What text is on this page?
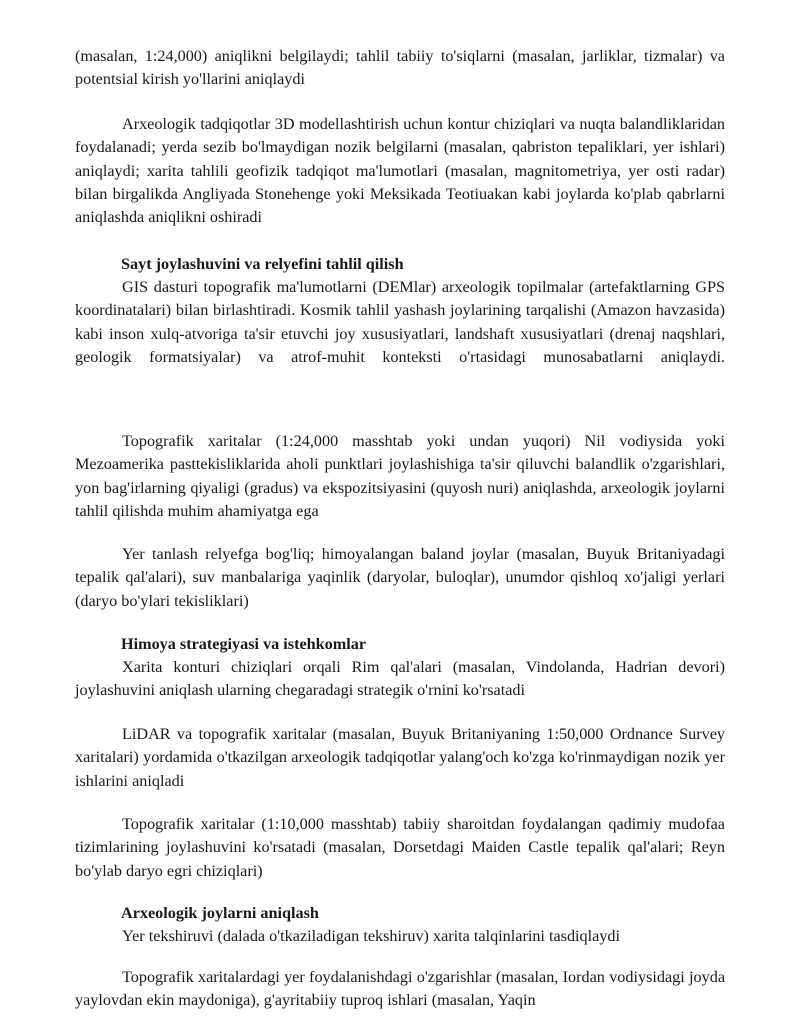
(masalan, 1:24,000) aniqlikni belgilaydi; tahlil tabiiy to'siqlarni (masalan, jarliklar, tizmalar) va potentsial kirish yo'llarini aniqlaydi

Arxeologik tadqiqotlar 3D modellashtirish uchun kontur chiziqlari va nuqta balandliklaridan foydalanadi; yerda sezib bo'lmaydigan nozik belgilarni (masalan, qabriston tepaliklari, yer ishlari) aniqlaydi; xarita tahlili geofizik tadqiqot ma'lumotlari (masalan, magnitometriya, yer osti radar) bilan birgalikda Angliyada Stonehenge yoki Meksikada Teotiuakan kabi joylarda ko'plab qabrlarni aniqlashda aniqlikni oshiradi

Sayt joylashuvini va relyefini tahlil qilish

GIS dasturi topografik ma'lumotlarni (DEMlar) arxeologik topilmalar (artefaktlarning GPS koordinatalari) bilan birlashtiradi. Kosmik tahlil yashash joylarining tarqalishi (Amazon havzasida) kabi inson xulq-atvoriga ta'sir etuvchi joy xususiyatlari, landshaft xususiyatlari (drenaj naqshlari, geologik formatsiyalar) va atrof-muhit konteksti o'rtasidagi munosabatlarni aniqlaydi.

Topografik xaritalar (1:24,000 masshtab yoki undan yuqori) Nil vodiysida yoki Mezoamerika pasttekisliklarida aholi punktlari joylashishiga ta'sir qiluvchi balandlik o'zgarishlari, yon bag'irlarning qiyaligi (gradus) va ekspozitsiyasini (quyosh nuri) aniqlashda, arxeologik joylarni tahlil qilishda muhim ahamiyatga ega

Yer tanlash relyefga bog'liq; himoyalangan baland joylar (masalan, Buyuk Britaniyadagi tepalik qal'alari), suv manbalariga yaqinlik (daryolar, buloqlar), unumdor qishloq xo'jaligi yerlari (daryo bo'ylari tekisliklari)

Himoya strategiyasi va istehkomlar

Xarita konturi chiziqlari orqali Rim qal'alari (masalan, Vindolanda, Hadrian devori) joylashuvini aniqlash ularning chegaradagi strategik o'rnini ko'rsatadi

LiDAR va topografik xaritalar (masalan, Buyuk Britaniyaning 1:50,000 Ordnance Survey xaritalari) yordamida o'tkazilgan arxeologik tadqiqotlar yalang'och ko'zga ko'rinmaydigan nozik yer ishlarini aniqladi

Topografik xaritalar (1:10,000 masshtab) tabiiy sharoitdan foydalangan qadimiy mudofaa tizimlarining joylashuvini ko'rsatadi (masalan, Dorsetdagi Maiden Castle tepalik qal'alari; Reyn bo'ylab daryo egri chiziqlari)

Arxeologik joylarni aniqlash

Yer tekshiruvi (dalada o'tkaziladigan tekshiruv) xarita talqinlarini tasdiqlaydi

Topografik xaritalardagi yer foydalanishdagi o'zgarishlar (masalan, Iordan vodiysidagi joyda yaylovdan ekin maydoniga), g'ayritabiiy tuproq ishlari (masalan, Yaqin
